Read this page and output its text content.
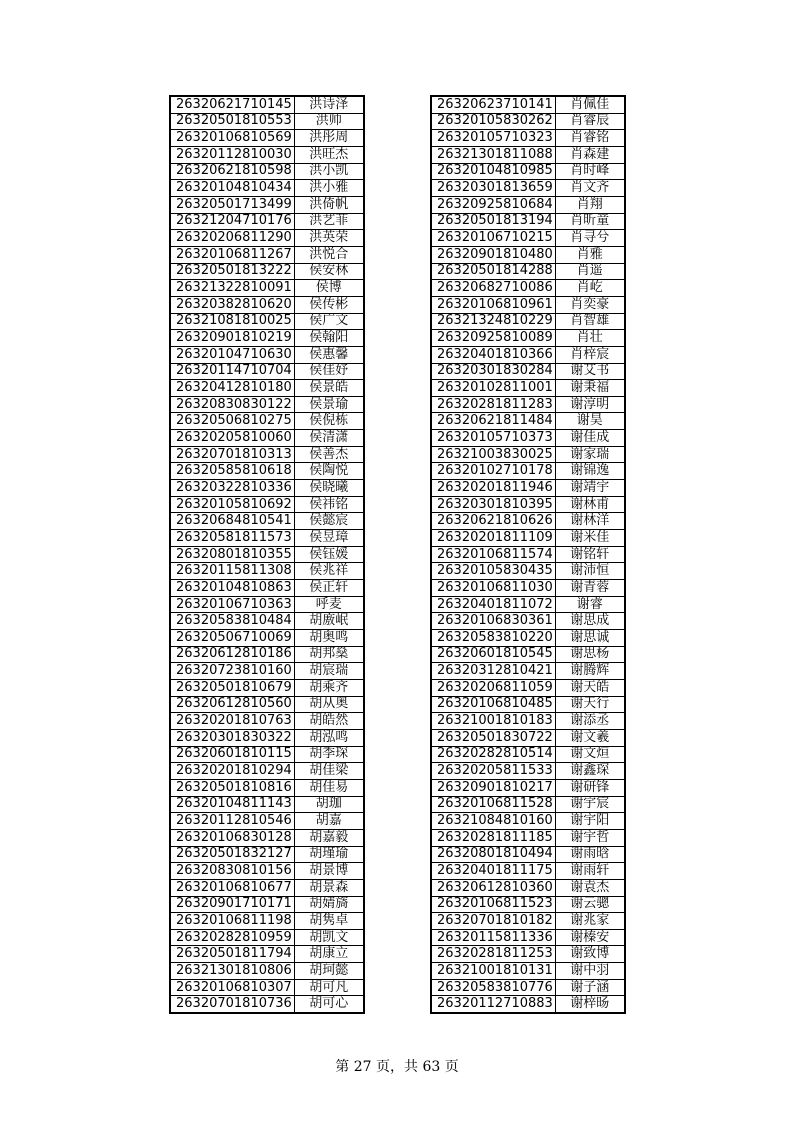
26320621710145	洪诗泽
26320501810553	洪帅
26320106810569	洪彤周
26320112810030	洪旺杰
26320621810598	洪小凯
26320104810434	洪小雅
26320501713499	洪倚帆
26321204710176	洪艺菲
26320206811290	洪英荣
26320106811267	洪悦合
26320501813222	侯安林
26321322810091	侯博
26320382810620	侯传彬
26321081810025	侯广文
26320901810219	侯翰阳
26320104710630	侯惠馨
26320114710704	侯佳妤
26320412810180	侯景皓
26320830830122	侯景瑜
26320506810275	侯倪栋
26320205810060	侯清潇
26320701810313	侯善杰
26320585810618	侯陶悦
26320322810336	侯晓曦
26320105810692	侯祎铭
26320684810541	侯懿宸
26320581811573	侯昱璋
26320801810355	侯钰媛
26320115811308	侯兆祥
26320104810863	侯正轩
26320106710363	呼麦
26320583810484	胡廒岷
26320506710069	胡奥鸣
26320612810186	胡邦燊
26320723810160	胡宸瑞
26320501810679	胡乘齐
26320612810560	胡从奥
26320201810763	胡皓然
26320301830322	胡泓鸣
26320601810115	胡季琛
26320201810294	胡佳梁
26320501810816	胡佳易
26320104811143	胡珈
26320112810546	胡嘉
26320106830128	胡嘉毅
26320501832127	胡瑾瑜
26320830810156	胡景博
26320106810677	胡景森
26320901710171	胡婧旖
26320106811198	胡隽卓
26320282810959	胡凯文
26320501811794	胡康立
26321301810806	胡珂懿
26320106810307	胡可凡
26320701810736	胡可心
26320623710141	肖佩佳
26320105830262	肖睿辰
26320105710323	肖睿铭
26321301811088	肖森建
26320104810985	肖时峰
26320301813659	肖文齐
26320925810684	肖翔
26320501813194	肖昕童
26320106710215	肖寻兮
26320901810480	肖雅
26320501814288	肖遥
26320682710086	肖屹
26320106810961	肖奕豪
26321324810229	肖智雄
26320925810089	肖壮
26320401810366	肖梓宸
26320301830284	谢艾书
26320102811001	谢秉福
26320281811283	谢淳明
26320621811484	谢昊
26320105710373	谢佳成
26321003830025	谢家瑞
26320102710178	谢锦逸
26320201811946	谢靖宇
26320301810395	谢林甫
26320621810626	谢林洋
26320201811109	谢米佳
26320106811574	谢铭轩
26320105830435	谢沛恒
26320106811030	谢青蓉
26320401811072	谢睿
26320106830361	谢思成
26320583810220	谢思诚
26320601810545	谢思杨
26320312810421	谢腾辉
26320206811059	谢天皓
26320106810485	谢天行
26321001810183	谢添丞
26320501830722	谢文羲
26320282810514	谢文烜
26320205811533	谢鑫琛
26320901810217	谢研锋
26320106811528	谢宇宸
26321084810160	谢宇阳
26320281811185	谢宇哲
26320801810494	谢雨晗
26320401811175	谢雨轩
26320612810360	谢袁杰
26320106811523	谢云骢
26320701810182	谢兆家
26320115811336	谢榛安
26320281811253	谢致博
26321001810131	谢中羽
26320583810776	谢子涵
26320112710883	谢梓旸
第 27 页，共 63 页
